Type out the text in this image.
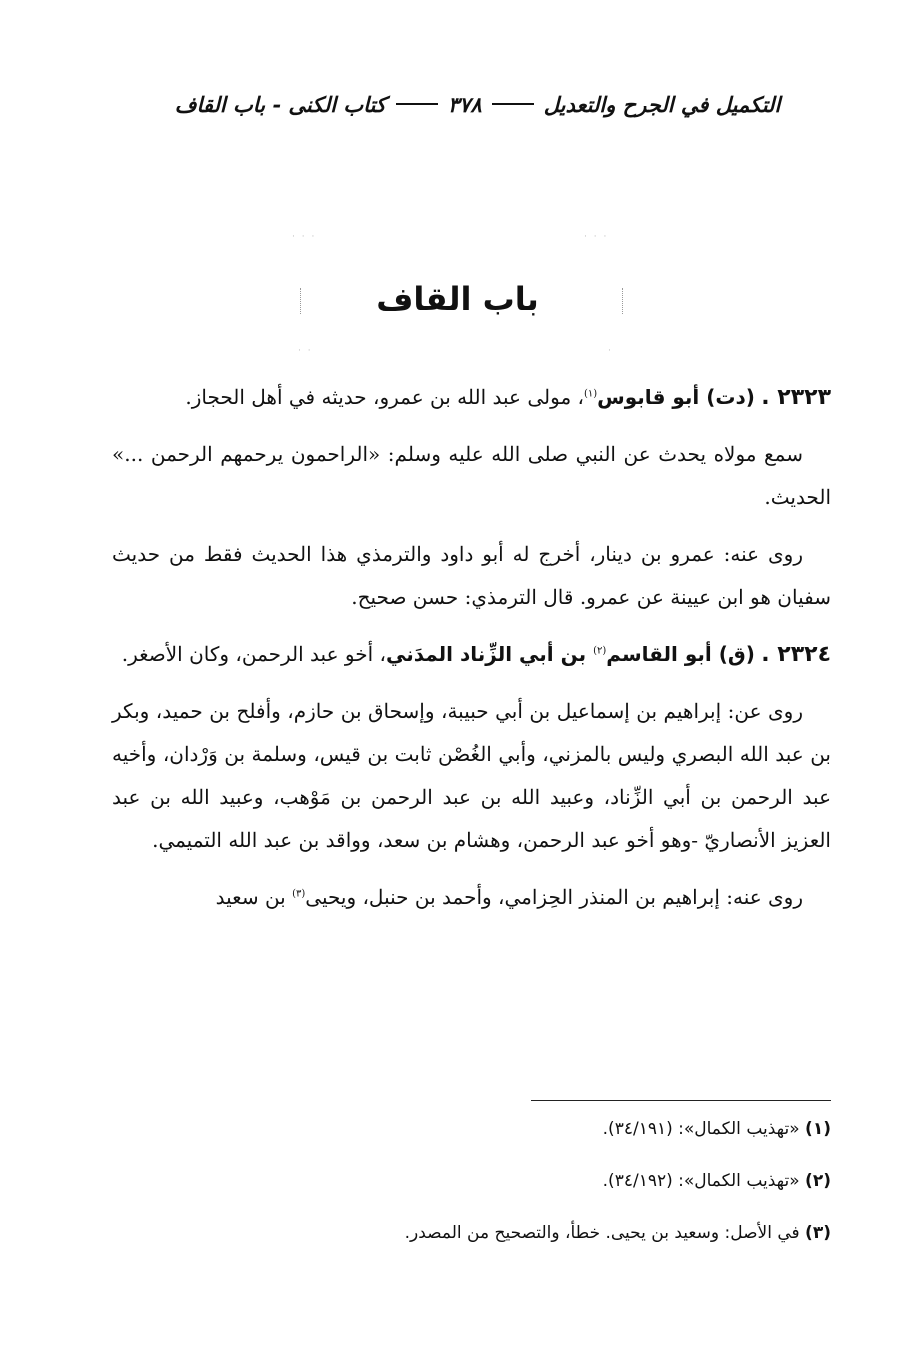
التكميل في الجرح والتعديل
٣٧٨
كتاب الكنى - باب القاف
· · ·	· · ·
· ·	·
باب القاف

٢٣٢٣ . (دت) أبو قابوس$^{(١)}$، مولى عبد الله بن عمرو، حديثه في أهل الحجاز.

سمع مولاه يحدث عن النبي صلى الله عليه وسلم: «الراحمون يرحمهم الرحمن ...» الحديث.

روى عنه: عمرو بن دينار، أخرج له أبو داود والترمذي هذا الحديث فقط من حديث سفيان هو ابن عيينة عن عمرو. قال الترمذي: حسن صحيح.

٢٣٢٤ . (ق) أبو القاسم$^{(٢)}$ بن أبي الزِّناد المدَني، أخو عبد الرحمن، وكان الأصغر.

روى عن: إبراهيم بن إسماعيل بن أبي حبيبة، وإسحاق بن حازم، وأفلح بن حميد، وبكر بن عبد الله البصري وليس بالمزني، وأبي الغُصْن ثابت بن قيس، وسلمة بن وَرْدان، وأخيه عبد الرحمن بن أبي الزِّناد، وعبيد الله بن عبد الرحمن بن مَوْهب، وعبيد الله بن عبد العزيز الأنصاريّ -وهو أخو عبد الرحمن، وهشام بن سعد، وواقد بن عبد الله التميمي.

روى عنه: إبراهيم بن المنذر الحِزامي، وأحمد بن حنبل، ويحيى$^{(٣)}$ بن سعيد

(١) «تهذيب الكمال»: (٣٤/١٩١).
(٢) «تهذيب الكمال»: (٣٤/١٩٢).
(٣) في الأصل: وسعيد بن يحيى. خطأ، والتصحيح من المصدر.
